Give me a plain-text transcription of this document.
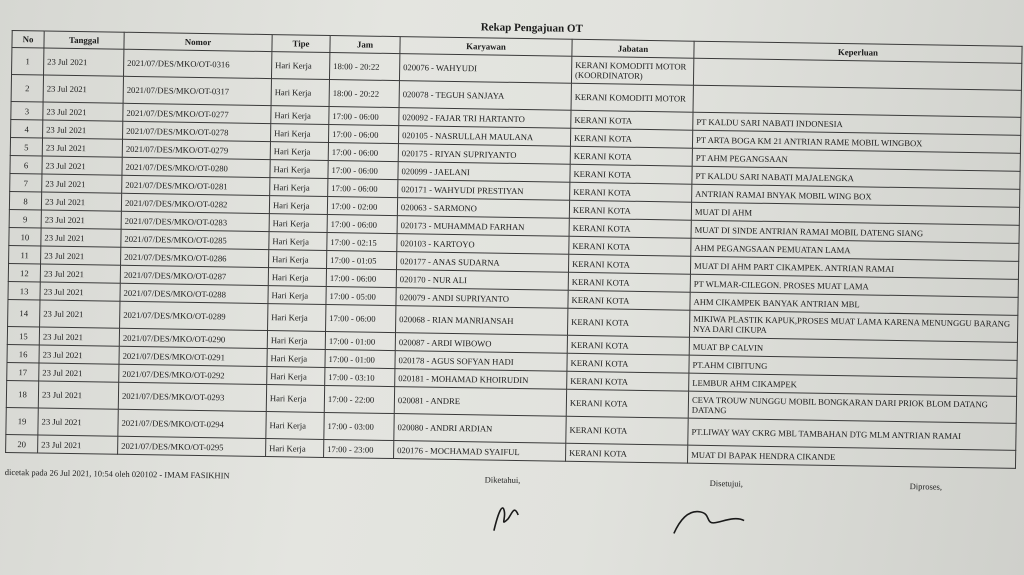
Rekap Pengajuan OT
No	Tanggal	Nomor	Tipe	Jam	Karyawan	Jabatan	Keperluan
1	23 Jul 2021	2021/07/DES/MKO/OT-0316	Hari Kerja	18:00 - 20:22	020076 - WAHYUDI	KERANI KOMODITI MOTOR (KOORDINATOR)	
2	23 Jul 2021	2021/07/DES/MKO/OT-0317	Hari Kerja	18:00 - 20:22	020078 - TEGUH SANJAYA	KERANI KOMODITI MOTOR	
3	23 Jul 2021	2021/07/DES/MKO/OT-0277	Hari Kerja	17:00 - 06:00	020092 - FAJAR TRI HARTANTO	KERANI KOTA	PT KALDU SARI NABATI INDONESIA
4	23 Jul 2021	2021/07/DES/MKO/OT-0278	Hari Kerja	17:00 - 06:00	020105 - NASRULLAH MAULANA	KERANI KOTA	PT ARTA BOGA KM 21 ANTRIAN RAME MOBIL WINGBOX
5	23 Jul 2021	2021/07/DES/MKO/OT-0279	Hari Kerja	17:00 - 06:00	020175 - RIYAN SUPRIYANTO	KERANI KOTA	PT AHM PEGANGSAAN
6	23 Jul 2021	2021/07/DES/MKO/OT-0280	Hari Kerja	17:00 - 06:00	020099 - JAELANI	KERANI KOTA	PT KALDU SARI NABATI MAJALENGKA
7	23 Jul 2021	2021/07/DES/MKO/OT-0281	Hari Kerja	17:00 - 06:00	020171 - WAHYUDI PRESTIYAN	KERANI KOTA	ANTRIAN RAMAI BNYAK MOBIL WING BOX
8	23 Jul 2021	2021/07/DES/MKO/OT-0282	Hari Kerja	17:00 - 02:00	020063 - SARMONO	KERANI KOTA	MUAT DI AHM
9	23 Jul 2021	2021/07/DES/MKO/OT-0283	Hari Kerja	17:00 - 06:00	020173 - MUHAMMAD FARHAN	KERANI KOTA	MUAT DI SINDE ANTRIAN RAMAI MOBIL DATENG SIANG
10	23 Jul 2021	2021/07/DES/MKO/OT-0285	Hari Kerja	17:00 - 02:15	020103 - KARTOYO	KERANI KOTA	AHM PEGANGSAAN PEMUATAN LAMA
11	23 Jul 2021	2021/07/DES/MKO/OT-0286	Hari Kerja	17:00 - 01:05	020177 - ANAS SUDARNA	KERANI KOTA	MUAT DI AHM PART CIKAMPEK. ANTRIAN RAMAI
12	23 Jul 2021	2021/07/DES/MKO/OT-0287	Hari Kerja	17:00 - 06:00	020170 - NUR ALI	KERANI KOTA	PT WLMAR-CILEGON. PROSES MUAT LAMA
13	23 Jul 2021	2021/07/DES/MKO/OT-0288	Hari Kerja	17:00 - 05:00	020079 - ANDI SUPRIYANTO	KERANI KOTA	AHM CIKAMPEK BANYAK ANTRIAN MBL
14	23 Jul 2021	2021/07/DES/MKO/OT-0289	Hari Kerja	17:00 - 06:00	020068 - RIAN MANRIANSAH	KERANI KOTA	MIKIWA PLASTIK KAPUK,PROSES MUAT LAMA KARENA MENUNGGU BARANG NYA DARI CIKUPA
15	23 Jul 2021	2021/07/DES/MKO/OT-0290	Hari Kerja	17:00 - 01:00	020087 - ARDI WIBOWO	KERANI KOTA	MUAT BP CALVIN
16	23 Jul 2021	2021/07/DES/MKO/OT-0291	Hari Kerja	17:00 - 01:00	020178 - AGUS SOFYAN HADI	KERANI KOTA	PT.AHM CIBITUNG
17	23 Jul 2021	2021/07/DES/MKO/OT-0292	Hari Kerja	17:00 - 03:10	020181 - MOHAMAD KHOIRUDIN	KERANI KOTA	LEMBUR AHM CIKAMPEK
18	23 Jul 2021	2021/07/DES/MKO/OT-0293	Hari Kerja	17:00 - 22:00	020081 - ANDRE	KERANI KOTA	CEVA TROUW NUNGGU MOBIL BONGKARAN DARI PRIOK BLOM DATANG DATANG
19	23 Jul 2021	2021/07/DES/MKO/OT-0294	Hari Kerja	17:00 - 03:00	020080 - ANDRI ARDIAN	KERANI KOTA	PT.LIWAY WAY CKRG MBL TAMBAHAN DTG MLM ANTRIAN RAMAI
20	23 Jul 2021	2021/07/DES/MKO/OT-0295	Hari Kerja	17:00 - 23:00	020176 - MOCHAMAD SYAIFUL	KERANI KOTA	MUAT DI BAPAK HENDRA CIKANDE
dicetak pada 26 Jul 2021, 10:54 oleh 020102 - IMAM FASIKHIN	Diketahui,	Disetujui,	Diproses,
